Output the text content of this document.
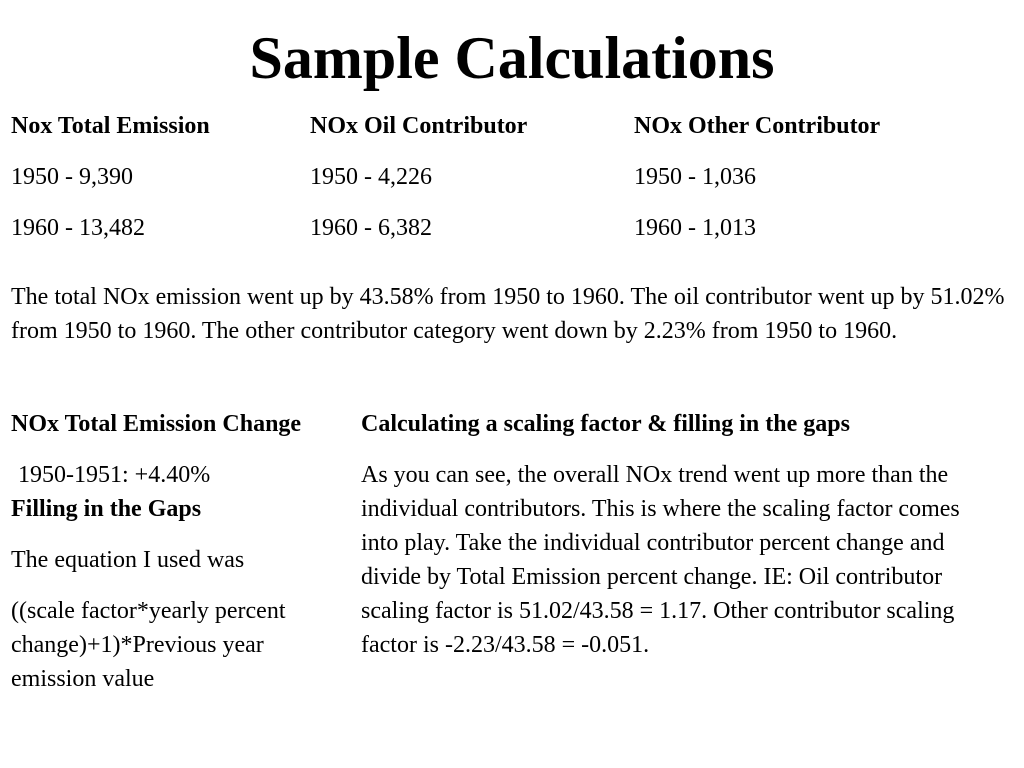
Sample Calculations
Nox Total Emission
1950 - 9,390
1960 - 13,482
NOx Oil Contributor
1950 - 4,226
1960 - 6,382
NOx Other Contributor
1950 - 1,036
1960 - 1,013
The total NOx emission went up by 43.58% from 1950 to 1960. The oil contributor went up by 51.02% from 1950 to 1960. The other contributor category went down by 2.23% from 1950 to 1960.

NOx Total Emission Change

1950-1951: +4.40%

Filling in the Gaps

The equation I used was

((scale factor*yearly percent change)+1)*Previous year emission value

Calculating a scaling factor & filling in the gaps

As you can see, the overall NOx trend went up more than the individual contributors. This is where the scaling factor comes into play. Take the individual contributor percent change and divide by Total Emission percent change. IE: Oil contributor scaling factor is 51.02/43.58 = 1.17. Other contributor scaling factor is -2.23/43.58 = -0.051.
